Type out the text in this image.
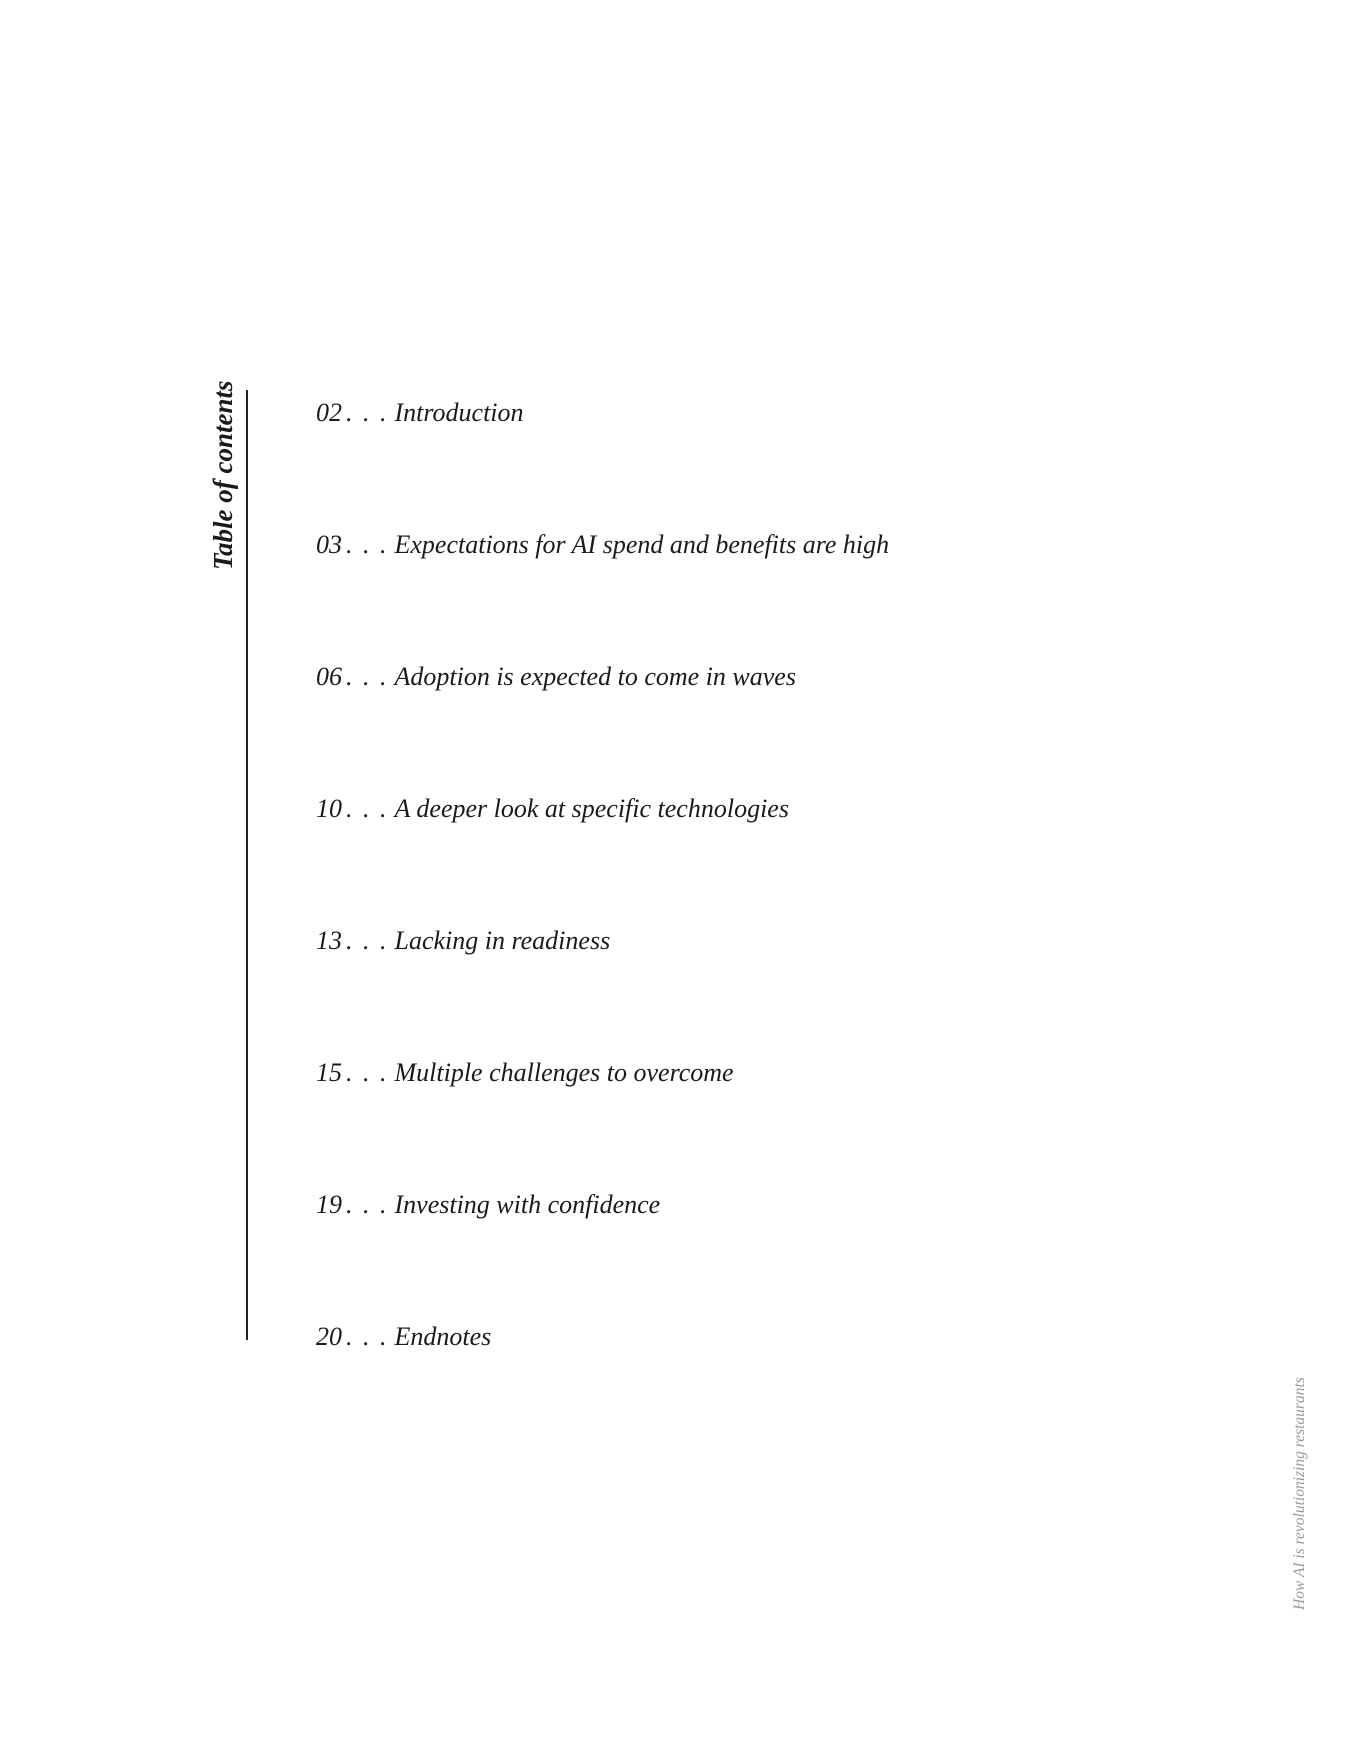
Table of contents	02 . . . Introduction
03 . . . Expectations for AI spend and benefits are high
06 . . . Adoption is expected to come in waves
10 . . . A deeper look at specific technologies
13 . . . Lacking in readiness
15 . . . Multiple challenges to overcome
19 . . . Investing with confidence
20 . . . Endnotes
How AI is revolutionizing restaurants
